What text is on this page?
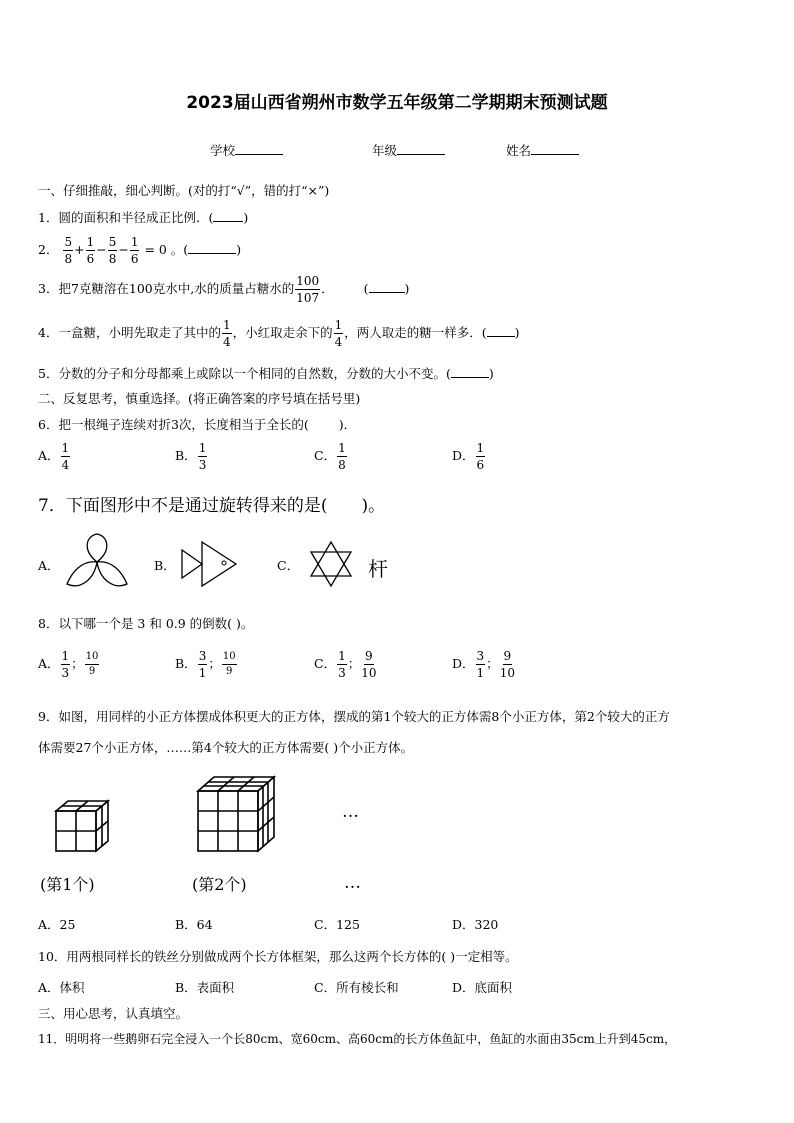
2023届山西省朔州市数学五年级第二学期期末预测试题
学校	年级	姓名
一、仔细推敲，细心判断。(对的打“√”，错的打“×”)
1．圆的面积和半径成正比例．( )
2． $\frac{5}{8} + \frac{1}{6} - \frac{5}{8} - \frac{1}{6} = 0$ 。(	)
3．把7克糖溶在100克水中,水的质量占糖水的 $\frac{100}{107}$ ． (	)
4．一盒糖，小明先取走了其中的 $\frac{1}{4}$ ，小红取走余下的 $\frac{1}{4}$ ，两人取走的糖一样多．( )
5．分数的分子和分母都乘上或除以一个相同的自然数，分数的大小不变。(	)
二、反复思考，慎重选择。(将正确答案的序号填在括号里)
6．把一根绳子连续对折3次，长度相当于全长的( )．
A． $\frac{1}{4}$	B． $\frac{1}{3}$	C． $\frac{1}{8}$	D． $\frac{1}{6}$
7．下面图形中不是通过旋转得来的是( )。
A．	B．	C．	杆
8．以下哪一个是 3 和 0.9 的倒数( )。
A． $\frac{1}{3}$ ； $\frac{10}{9}$	B． $\frac{3}{1}$ ； $\frac{10}{9}$	C． $\frac{1}{3}$ ； $\frac{9}{10}$	D． $\frac{3}{1}$ ； $\frac{9}{10}$
9．如图，用同样的小正方体摆成体积更大的正方体，摆成的第1个较大的正方体需8个小正方体，第2个较大的正方
体需要27个小正方体，……第4个较大的正方体需要( )个小正方体。
…
(第1个)	(第2个)	…
A．25	B．64	C．125	D．320
10．用两根同样长的铁丝分别做成两个长方体框架，那么这两个长方体的( )一定相等。
A．体积	B．表面积	C．所有棱长和	D．底面积
三、用心思考，认真填空。
11．明明将一些鹅卵石完全浸入一个长80cm、宽60cm、高60cm的长方体鱼缸中，鱼缸的水面由35cm上升到45cm，
